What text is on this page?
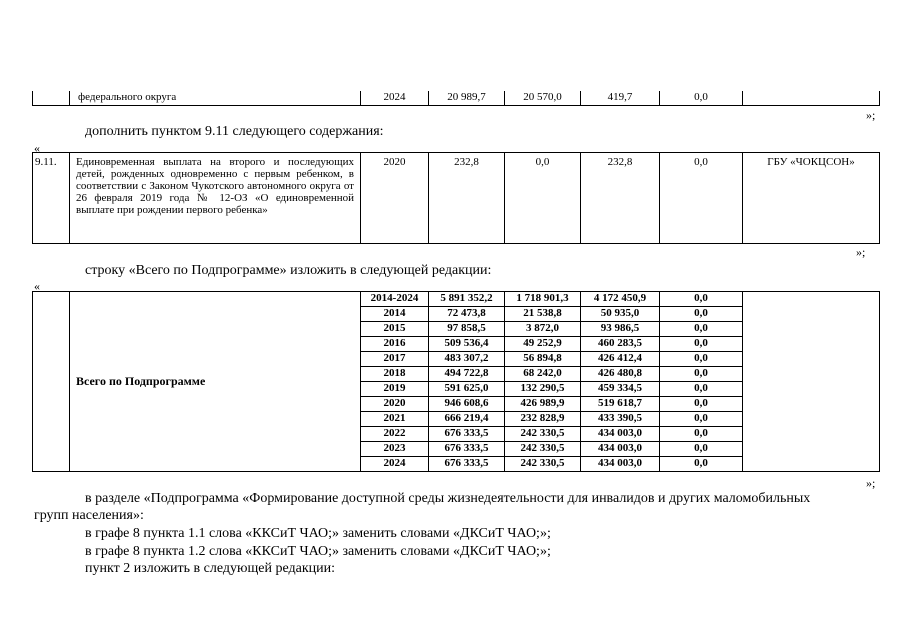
	федерального округа	2024	20 989,7	20 570,0	419,7	0,0	
»;
дополнить пунктом 9.11 следующего содержания:
«
9.11.	Единовременная выплата на второго и последующих детей, рожденных одновременно с первым ребенком, в соответствии с Законом Чукотского автономного округа от 26 февраля 2019 года № 12-ОЗ «О единовременной выплате при рождении первого ребенка»	2020	232,8	0,0	232,8	0,0	ГБУ «ЧОКЦСОН»
»;
строку «Всего по Подпрограмме» изложить в следующей редакции:
«
	Всего по Подпрограмме	2014-2024	5 891 352,2	1 718 901,3	4 172 450,9	0,0	
		2014	72 473,8	21 538,8	50 935,0	0,0	
		2015	97 858,5	3 872,0	93 986,5	0,0	
		2016	509 536,4	49 252,9	460 283,5	0,0	
		2017	483 307,2	56 894,8	426 412,4	0,0	
		2018	494 722,8	68 242,0	426 480,8	0,0	
		2019	591 625,0	132 290,5	459 334,5	0,0	
		2020	946 608,6	426 989,9	519 618,7	0,0	
		2021	666 219,4	232 828,9	433 390,5	0,0	
		2022	676 333,5	242 330,5	434 003,0	0,0	
		2023	676 333,5	242 330,5	434 003,0	0,0	
		2024	676 333,5	242 330,5	434 003,0	0,0	
»;
в разделе «Подпрограмма «Формирование доступной среды жизнедеятельности для инвалидов и других маломобильных
групп населения»:
в графе 8 пункта 1.1 слова «ККСиТ ЧАО;» заменить словами «ДКСиТ ЧАО;»;
в графе 8 пункта 1.2 слова «ККСиТ ЧАО;» заменить словами «ДКСиТ ЧАО;»;
пункт 2 изложить в следующей редакции:
